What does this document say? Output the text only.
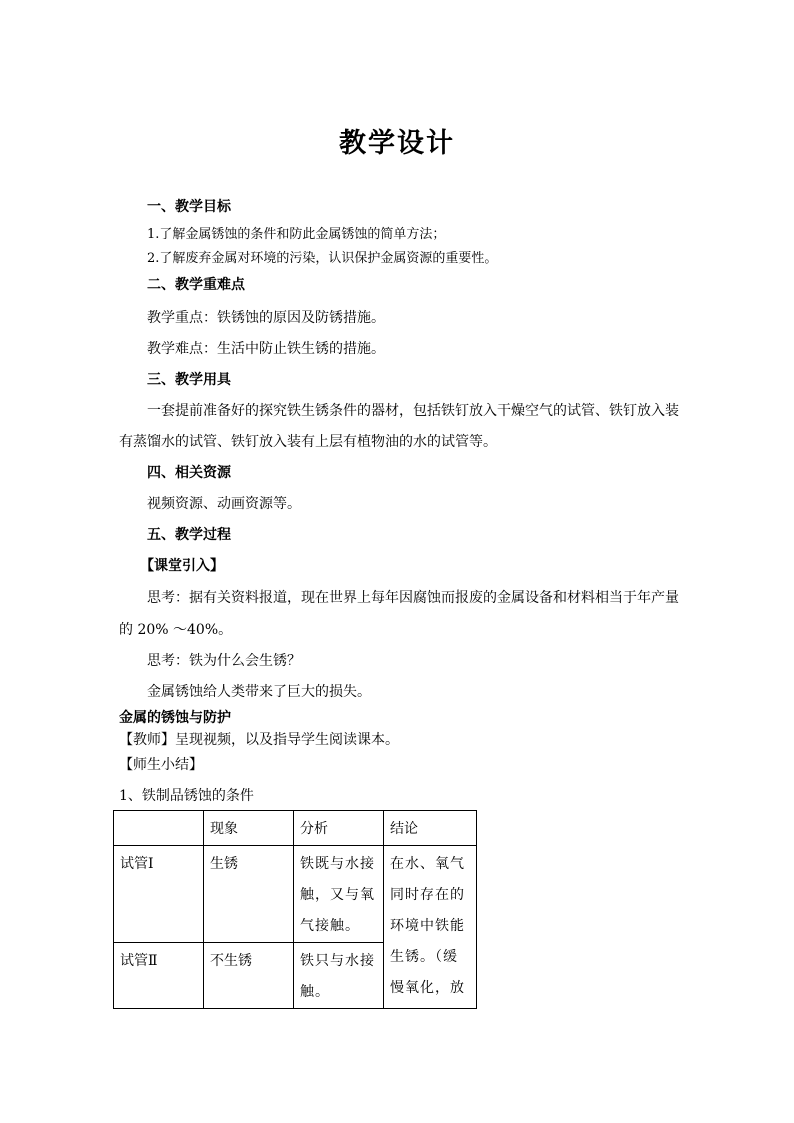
教学设计
一、教学目标
1.了解金属锈蚀的条件和防此金属锈蚀的简单方法；
2.了解废弃金属对环境的污染，认识保护金属资源的重要性。
二、教学重难点
教学重点：铁锈蚀的原因及防锈措施。
教学难点：生活中防止铁生锈的措施。
三、教学用具
一套提前准备好的探究铁生锈条件的器材，包括铁钉放入干燥空气的试管、铁钉放入装
有蒸馏水的试管、铁钉放入装有上层有植物油的水的试管等。
四、相关资源
视频资源、动画资源等。
五、教学过程
【课堂引入】
思考：据有关资料报道，现在世界上每年因腐蚀而报废的金属设备和材料相当于年产量
的 20% ～40%。
思考：铁为什么会生锈？
金属锈蚀给人类带来了巨大的损失。
金属的锈蚀与防护
【教师】呈现视频，以及指导学生阅读课本。
【师生小结】
1、铁制品锈蚀的条件
	现象	分析	结论
试管Ⅰ	生锈	铁既与水接触，又与氧气接触。	在水、氧气同时存在的环境中铁能生锈。（缓慢氧化，放
试管Ⅱ	不生锈	铁只与水接触。	
